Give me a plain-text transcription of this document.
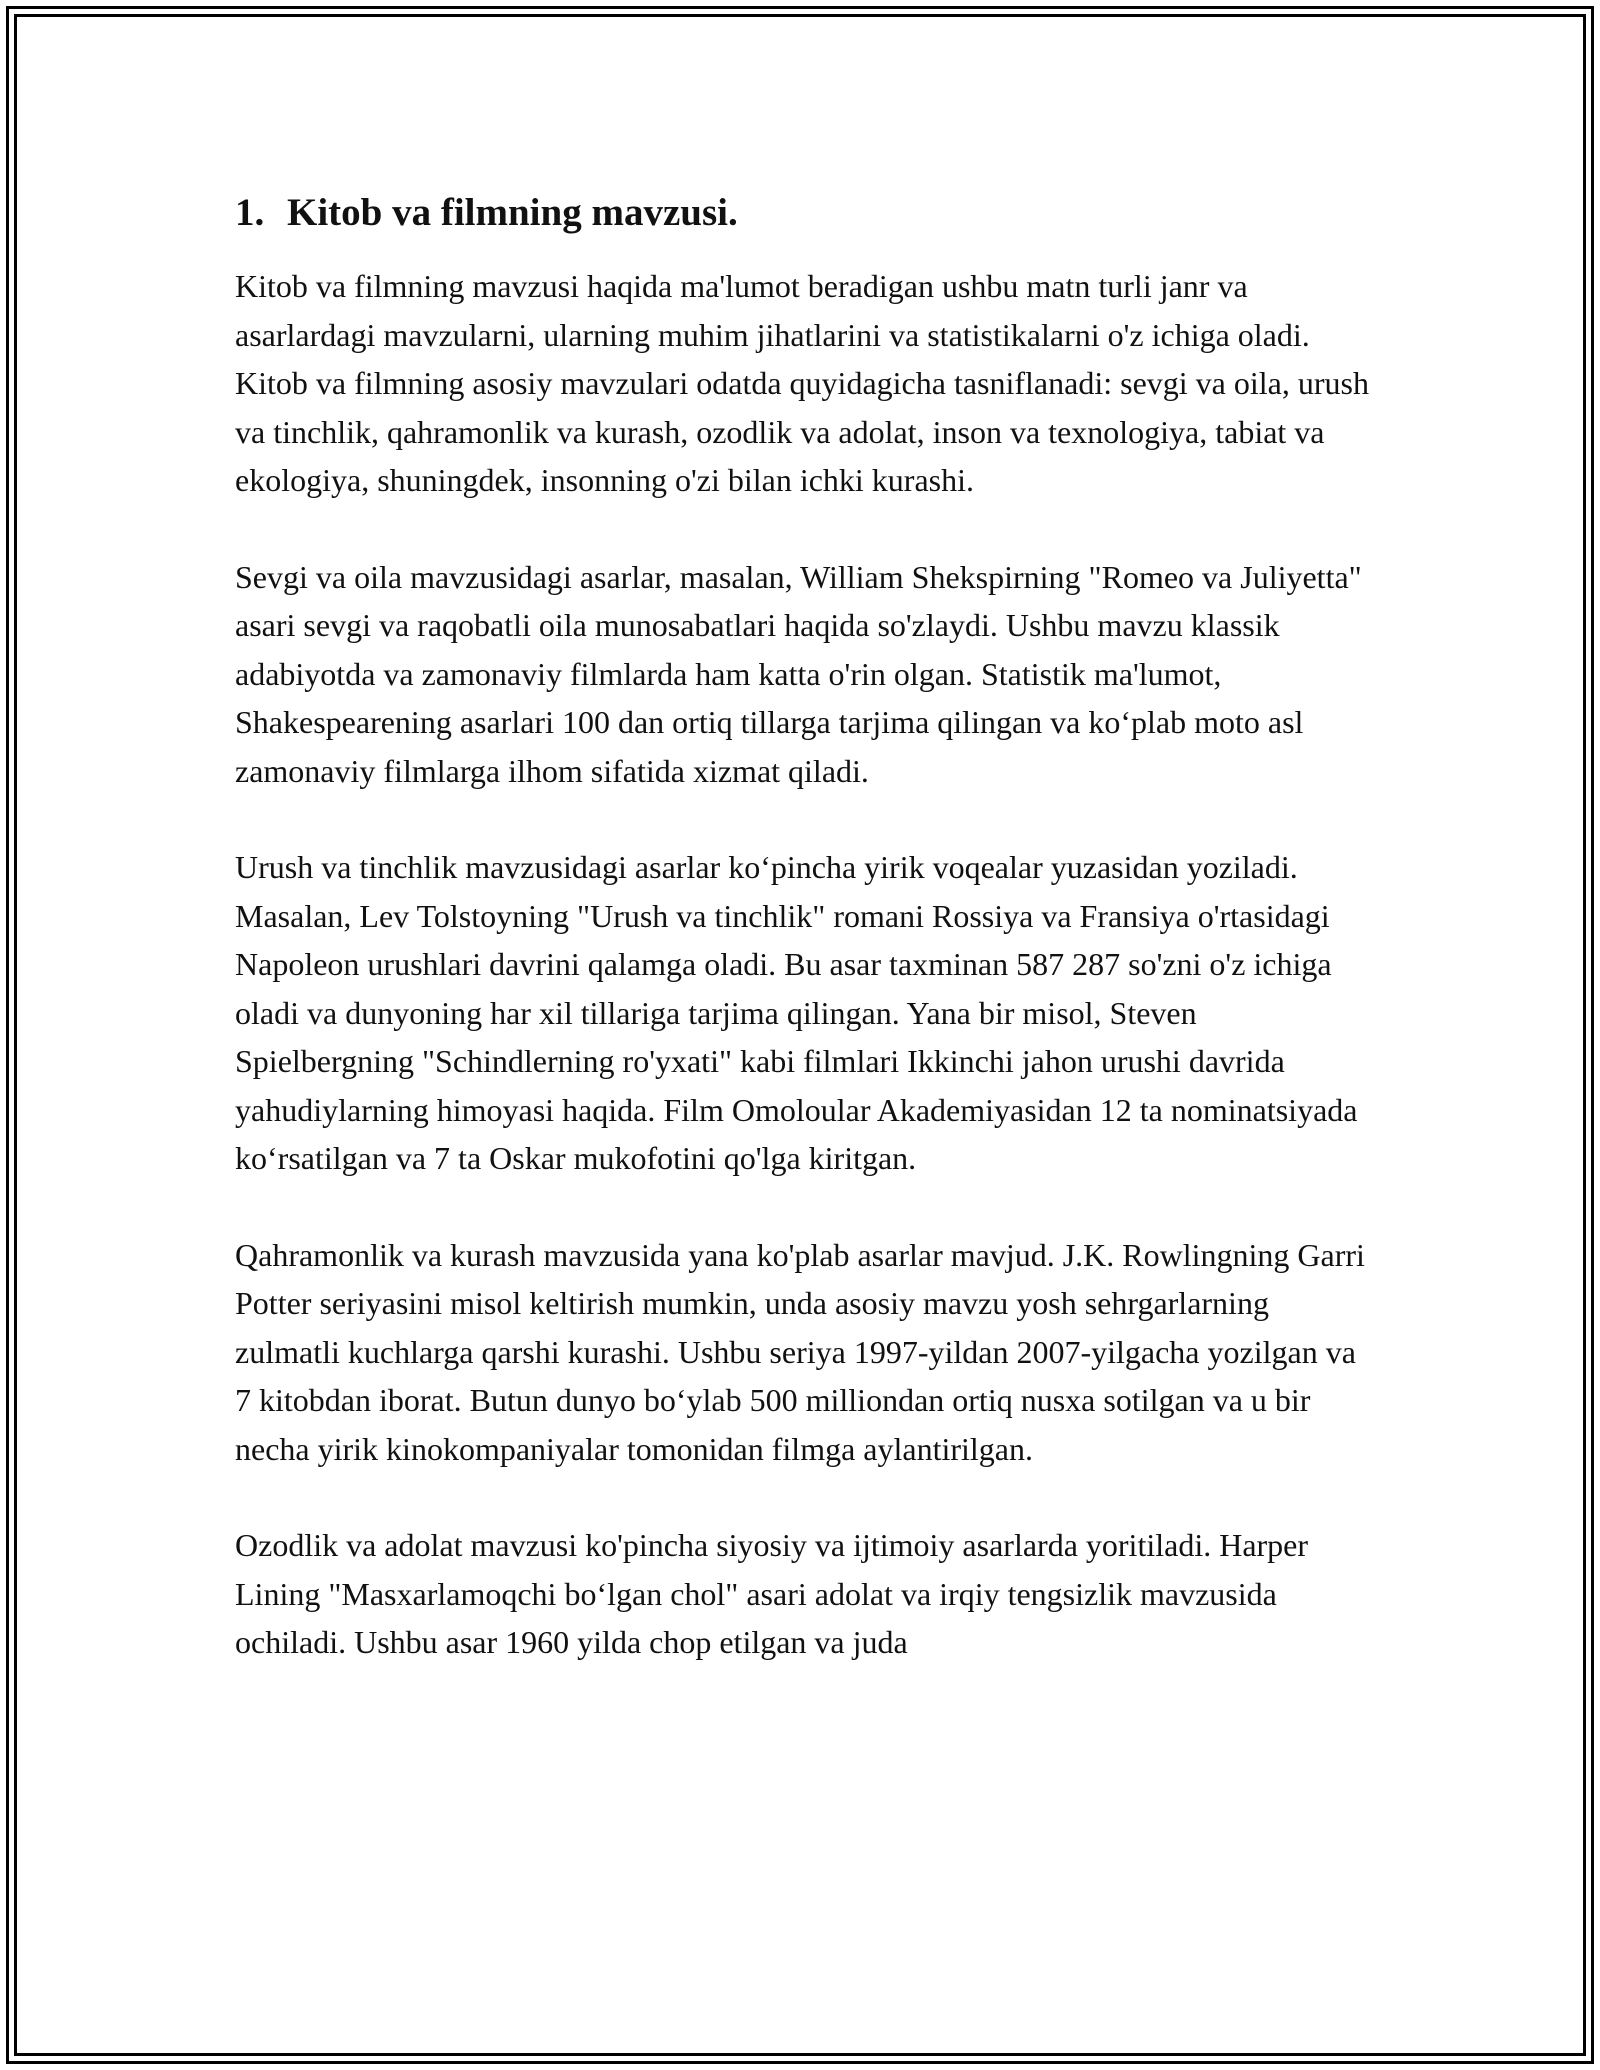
1. Kitob va filmning mavzusi.

Kitob va filmning mavzusi haqida ma'lumot beradigan ushbu matn turli janr va asarlardagi mavzularni, ularning muhim jihatlarini va statistikalarni o'z ichiga oladi. Kitob va filmning asosiy mavzulari odatda quyidagicha tasniflanadi: sevgi va oila, urush va tinchlik, qahramonlik va kurash, ozodlik va adolat, inson va texnologiya, tabiat va ekologiya, shuningdek, insonning o'zi bilan ichki kurashi.

Sevgi va oila mavzusidagi asarlar, masalan, William Shekspirning "Romeo va Juliyetta" asari sevgi va raqobatli oila munosabatlari haqida so'zlaydi. Ushbu mavzu klassik adabiyotda va zamonaviy filmlarda ham katta o'rin olgan. Statistik ma'lumot, Shakespearening asarlari 100 dan ortiq tillarga tarjima qilingan va ko‘plab moto asl zamonaviy filmlarga ilhom sifatida xizmat qiladi.

Urush va tinchlik mavzusidagi asarlar ko‘pincha yirik voqealar yuzasidan yoziladi. Masalan, Lev Tolstoyning "Urush va tinchlik" romani Rossiya va Fransiya o'rtasidagi Napoleon urushlari davrini qalamga oladi. Bu asar taxminan 587 287 so'zni o'z ichiga oladi va dunyoning har xil tillariga tarjima qilingan. Yana bir misol, Steven Spielbergning "Schindlerning ro'yxati" kabi filmlari Ikkinchi jahon urushi davrida yahudiylarning himoyasi haqida. Film Omoloular Akademiyasidan 12 ta nominatsiyada ko‘rsatilgan va 7 ta Oskar mukofotini qo'lga kiritgan.

Qahramonlik va kurash mavzusida yana ko'plab asarlar mavjud. J.K. Rowlingning Garri Potter seriyasini misol keltirish mumkin, unda asosiy mavzu yosh sehrgarlarning zulmatli kuchlarga qarshi kurashi. Ushbu seriya 1997-yildan 2007-yilgacha yozilgan va 7 kitobdan iborat. Butun dunyo bo‘ylab 500 milliondan ortiq nusxa sotilgan va u bir necha yirik kinokompaniyalar tomonidan filmga aylantirilgan.

Ozodlik va adolat mavzusi ko'pincha siyosiy va ijtimoiy asarlarda yoritiladi. Harper Lining "Masxarlamoqchi bo‘lgan chol" asari adolat va irqiy tengsizlik mavzusida ochiladi. Ushbu asar 1960 yilda chop etilgan va juda
